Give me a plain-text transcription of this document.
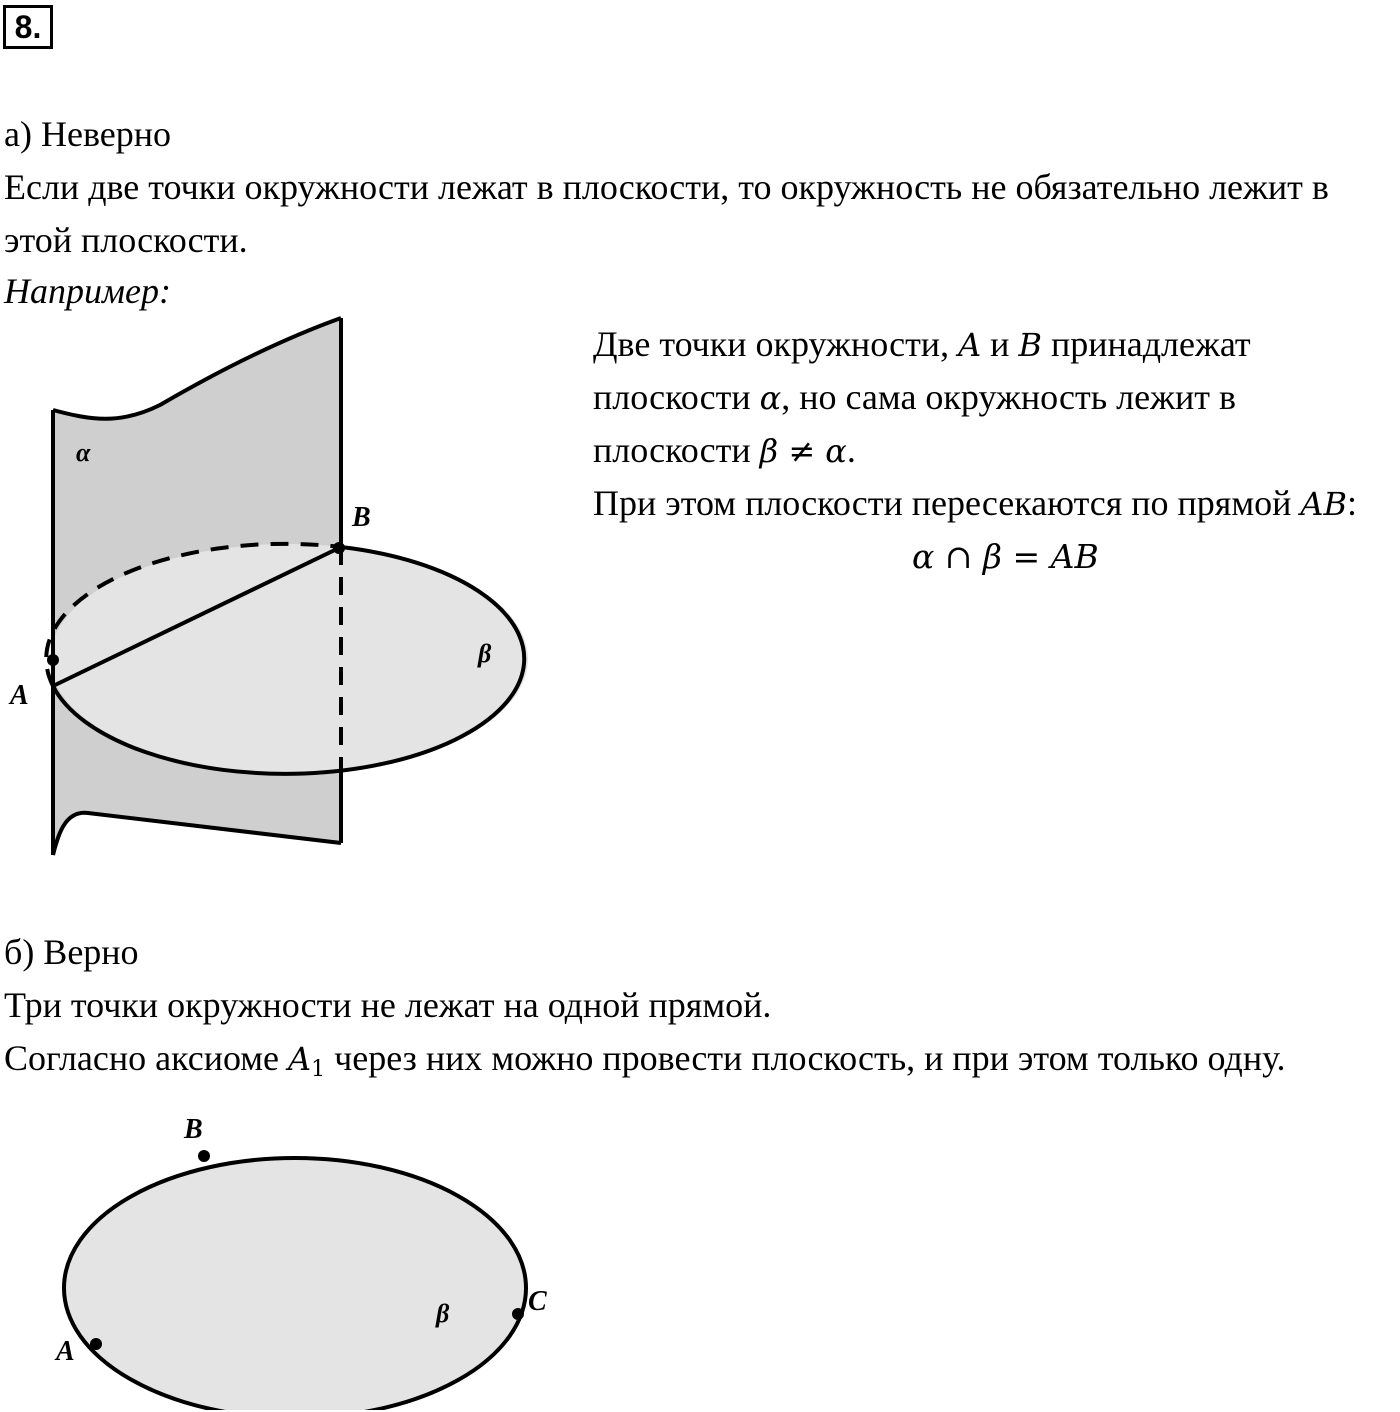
8.
а) Неверно
Если две точки окружности лежат в плоскости, то окружность не обязательно лежит в
этой плоскости.
Например:
Две точки окружности, A и B принадлежат
плоскости α, но сама окружность лежит в
плоскости β ≠ α.
При этом плоскости пересекаются по прямой AB:
α ∩ β = AB
α
β
A
B
б) Верно
Три точки окружности не лежат на одной прямой.
Согласно аксиоме $A_1$ через них можно провести плоскость, и при этом только одну.
B
C
A
β
